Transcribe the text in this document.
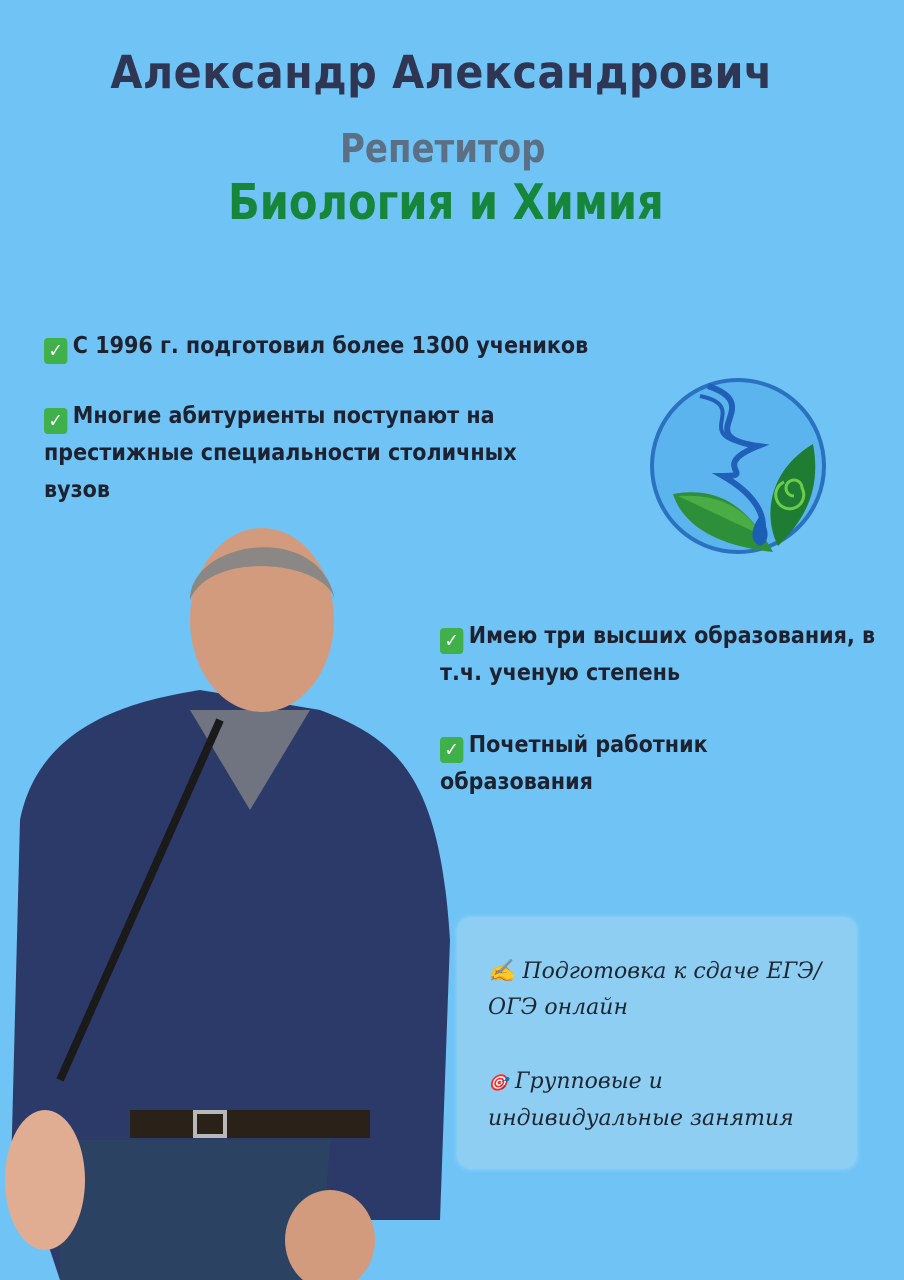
Александр Александрович
Репетитор
Биология и Химия
✓ С 1996 г. подготовил более 1300 учеников
✓ Многие абитуриенты поступают на престижные специальности столичных вузов
✓ Имею три высших образования, в т.ч. ученую степень
✓ Почетный работник образования
✍ Подготовка к сдаче ЕГЭ/ОГЭ онлайн
🎯 Групповые и индивидуальные занятия
